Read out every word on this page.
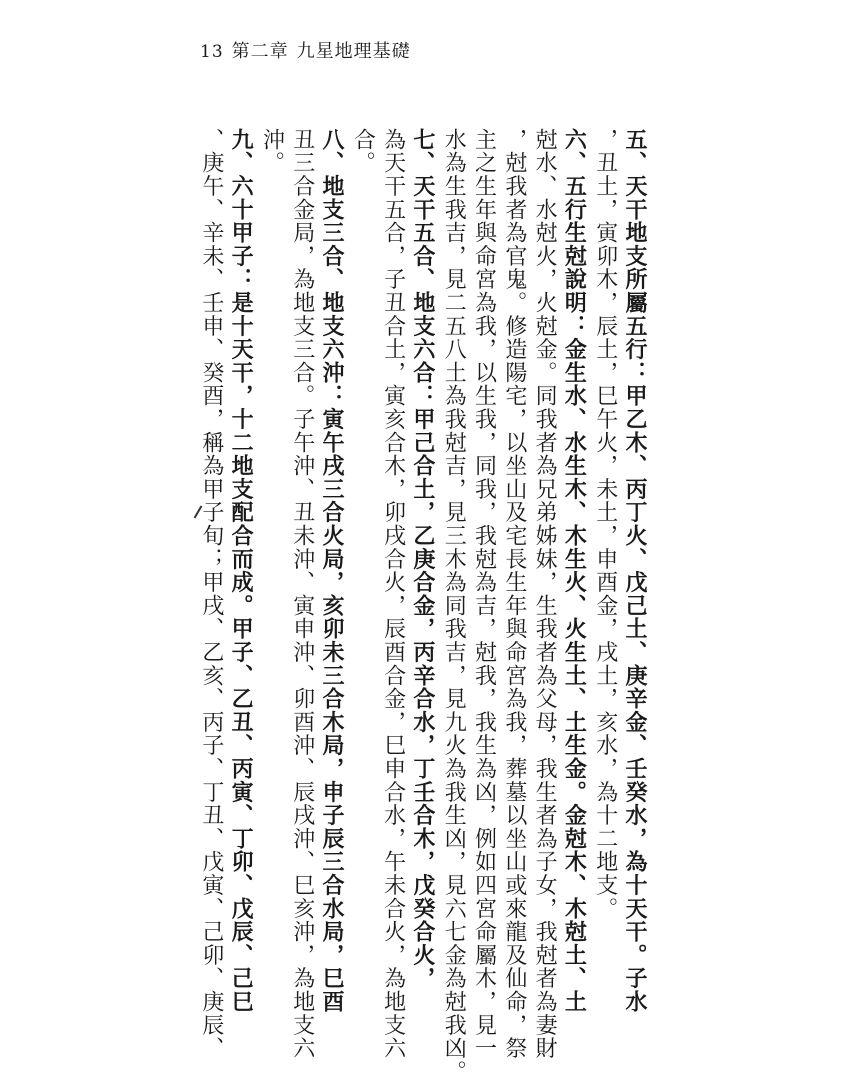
13 第二章 九星地理基礎

五、天干地支所屬五行：甲乙木、丙丁火、戊己土、庚辛金、壬癸水，為十天干。子水

，丑土，寅卯木，辰土，巳午火，未土，申酉金，戌土，亥水，為十二地支。

六、五行生尅說明：金生水、水生木、木生火、火生土、土生金。金尅木、木尅土、土

尅水、水尅火，火尅金。同我者為兄弟姊妹，生我者為父母，我生者為子女，我尅者為妻財

，尅我者為官鬼。修造陽宅，以坐山及宅長生年與命宮為我，葬墓以坐山或來龍及仙命，祭

主之生年與命宮為我，以生我，同我，我尅為吉，尅我，我生為凶，例如四宮命屬木，見一

水為生我吉，見二五八土為我尅吉，見三木為同我吉，見九火為我生凶，見六七金為尅我凶。

七、天干五合、地支六合：甲己合土，乙庚合金，丙辛合水，丁壬合木，戊癸合火，

為天干五合，子丑合土，寅亥合木，卯戌合火，辰酉合金，巳申合水，午未合火，為地支六

合。

八、地支三合、地支六沖：寅午戌三合火局，亥卯未三合木局，申子辰三合水局，巳酉

丑三合金局，為地支三合。子午沖、丑未沖、寅申沖、卯酉沖、辰戌沖、巳亥沖，為地支六

沖。

九、六十甲子：是十天干，十二地支配合而成。甲子、乙丑、丙寅、丁卯、戊辰、己巳

、庚午、辛未、壬申、癸酉，稱為甲子旬；甲戌、乙亥、丙子、丁丑、戊寅、己卯、庚辰、
